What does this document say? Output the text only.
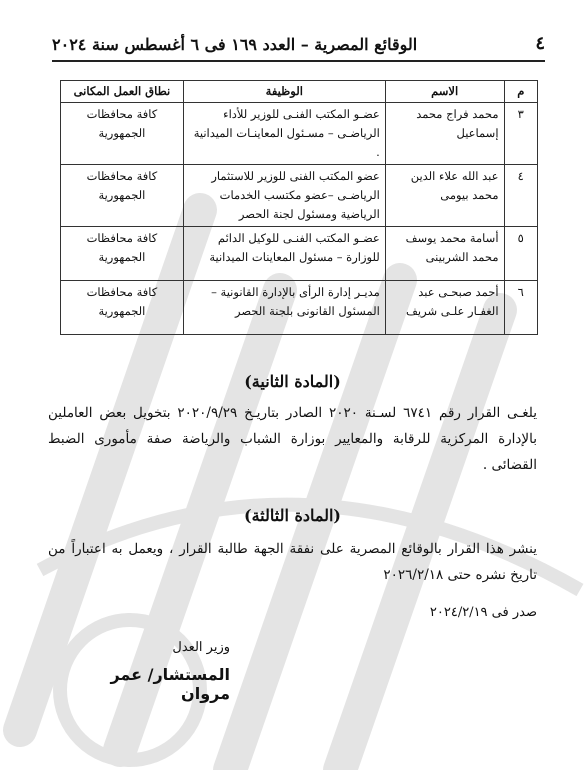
٤
الوقائع المصرية – العدد ١٦٩ فى ٦ أغسطس سنة ٢٠٢٤
م	الاسم	الوظيفة	نطاق العمل المكانى
٣	محمد فراج محمد إسماعيل	عضـو المكتب الفنـى للوزير للأداء الرياضـى – مسـئول المعاينـات الميدانية .	كافة محافظات الجمهورية
٤	عبد الله علاء الدين محمد بيومى	عضو المكتب الفنى للوزير للاستثمار الرياضـى –عضو مكتسب الخدمات الرياضية ومسئول لجنة الحصر	كافة محافظات الجمهورية
٥	أسامة محمد يوسف محمد الشربينى	عضـو المكتب الفنـى للوكيل الدائم للوزارة – مسئول المعاينات الميدانية	كافة محافظات الجمهورية
٦	أحمد صبحـى عبد الغفـار علـى شريف	مديـر إدارة الرأى بالإدارة القانونية – المسئول القانونى بلجنة الحصر	كافة محافظات الجمهورية
(المادة الثانية)
يلغـى القرار رقم ٦٧٤١ لسـنة ٢٠٢٠ الصادر بتاريـخ ٢٠٢٠/٩/٢٩ بتخويل بعض العاملين بالإدارة المركزية للرقابة والمعايير بوزارة الشباب والرياضة صفة مأمورى الضبط القضائى .
(المادة الثالثة)
ينشر هذا القرار بالوقائع المصرية على نفقة الجهة طالبة القرار ، ويعمل به اعتباراً من تاريخ نشره حتى ٢٠٢٦/٢/١٨
صدر فى ٢٠٢٤/٢/١٩
وزير العدل
المستشار/ عمر مروان
